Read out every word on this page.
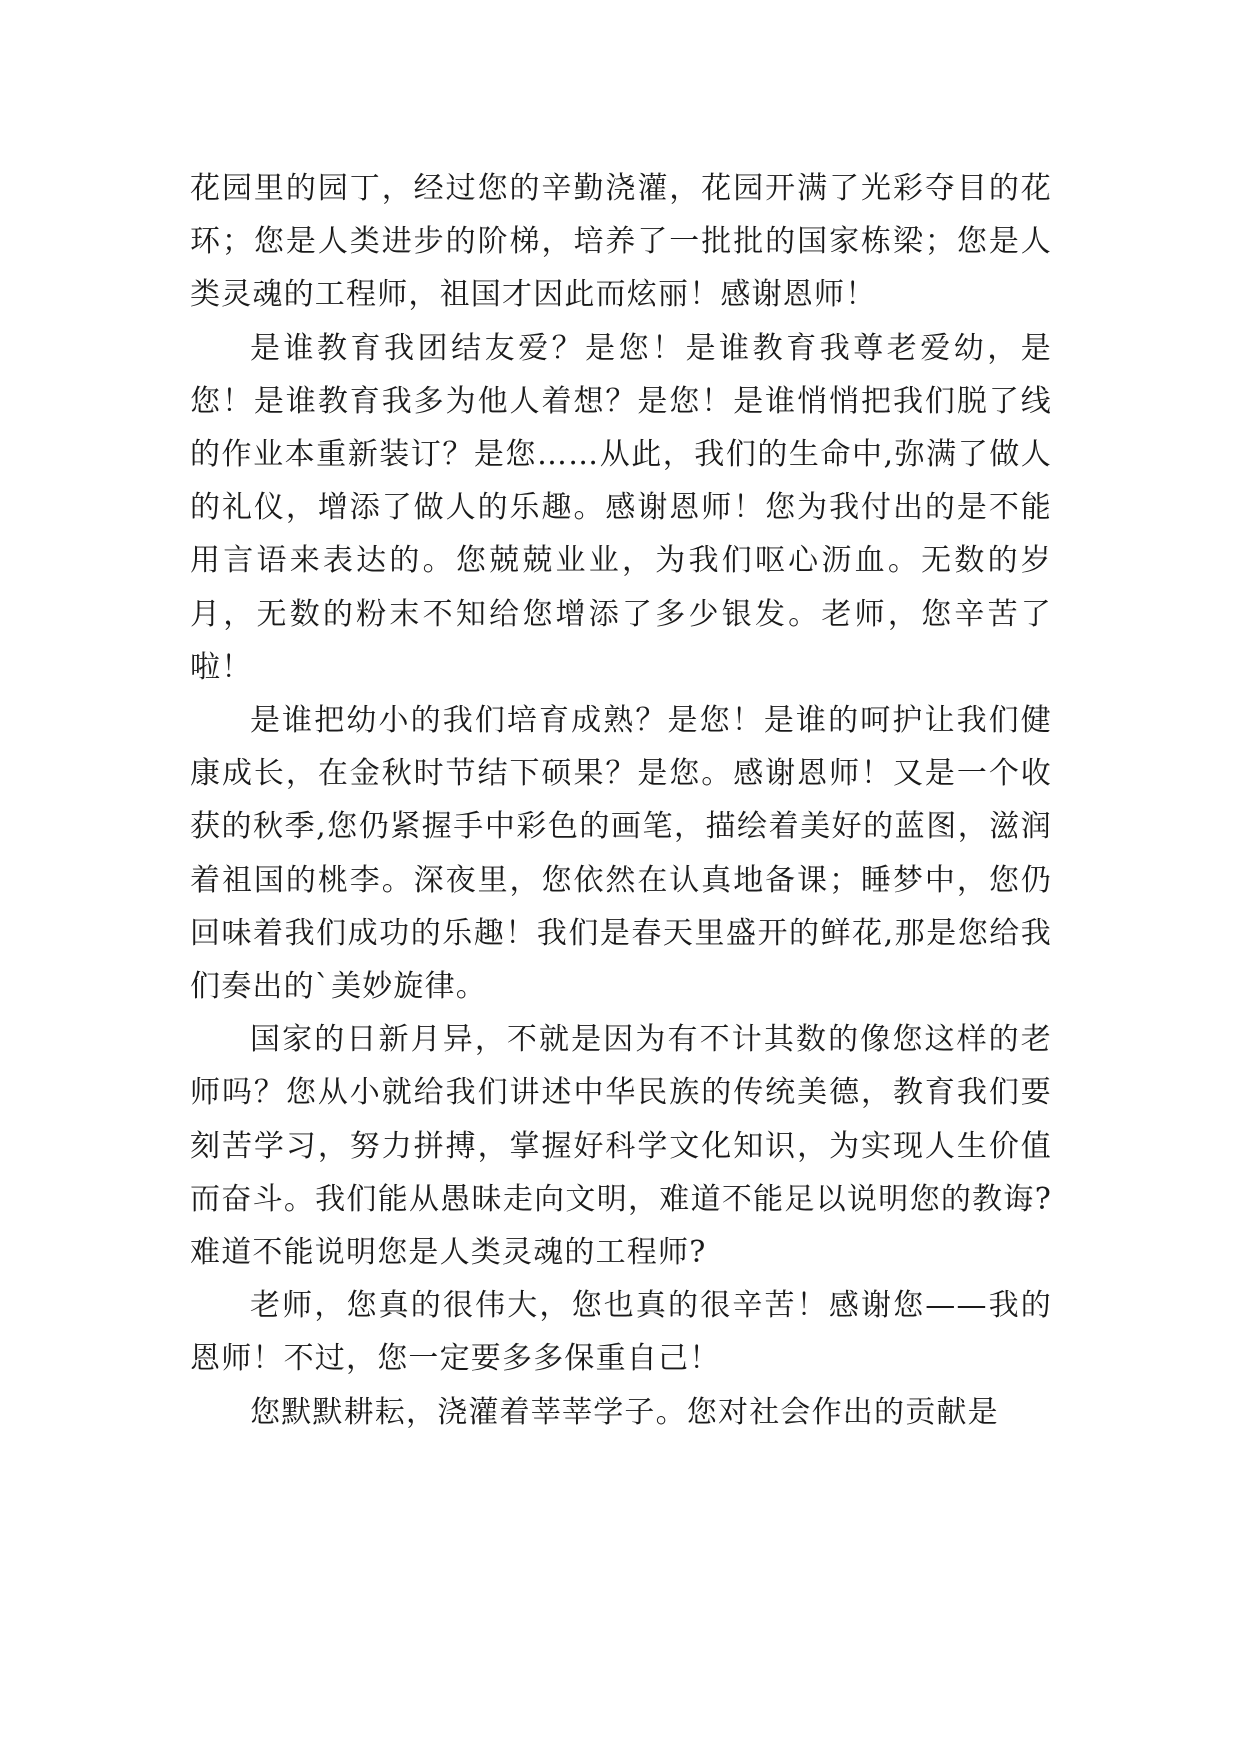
花园里的园丁，经过您的辛勤浇灌，花园开满了光彩夺目的花环；您是人类进步的阶梯，培养了一批批的国家栋梁；您是人类灵魂的工程师，祖国才因此而炫丽！感谢恩师！

是谁教育我团结友爱？是您！是谁教育我尊老爱幼，是您！是谁教育我多为他人着想？是您！是谁悄悄把我们脱了线的作业本重新装订？是您……从此，我们的生命中,弥满了做人的礼仪，增添了做人的乐趣。感谢恩师！您为我付出的是不能用言语来表达的。您兢兢业业，为我们呕心沥血。无数的岁月，无数的粉末不知给您增添了多少银发。老师，您辛苦了啦！

是谁把幼小的我们培育成熟？是您！是谁的呵护让我们健康成长，在金秋时节结下硕果？是您。感谢恩师！又是一个收获的秋季,您仍紧握手中彩色的画笔，描绘着美好的蓝图，滋润着祖国的桃李。深夜里，您依然在认真地备课；睡梦中，您仍回味着我们成功的乐趣！我们是春天里盛开的鲜花,那是您给我们奏出的`美妙旋律。

国家的日新月异，不就是因为有不计其数的像您这样的老师吗？您从小就给我们讲述中华民族的传统美德，教育我们要刻苦学习，努力拼搏，掌握好科学文化知识，为实现人生价值而奋斗。我们能从愚昧走向文明，难道不能足以说明您的教诲?难道不能说明您是人类灵魂的工程师?

老师，您真的很伟大，您也真的很辛苦！感谢您——我的恩师！不过，您一定要多多保重自己！

您默默耕耘，浇灌着莘莘学子。您对社会作出的贡献是
